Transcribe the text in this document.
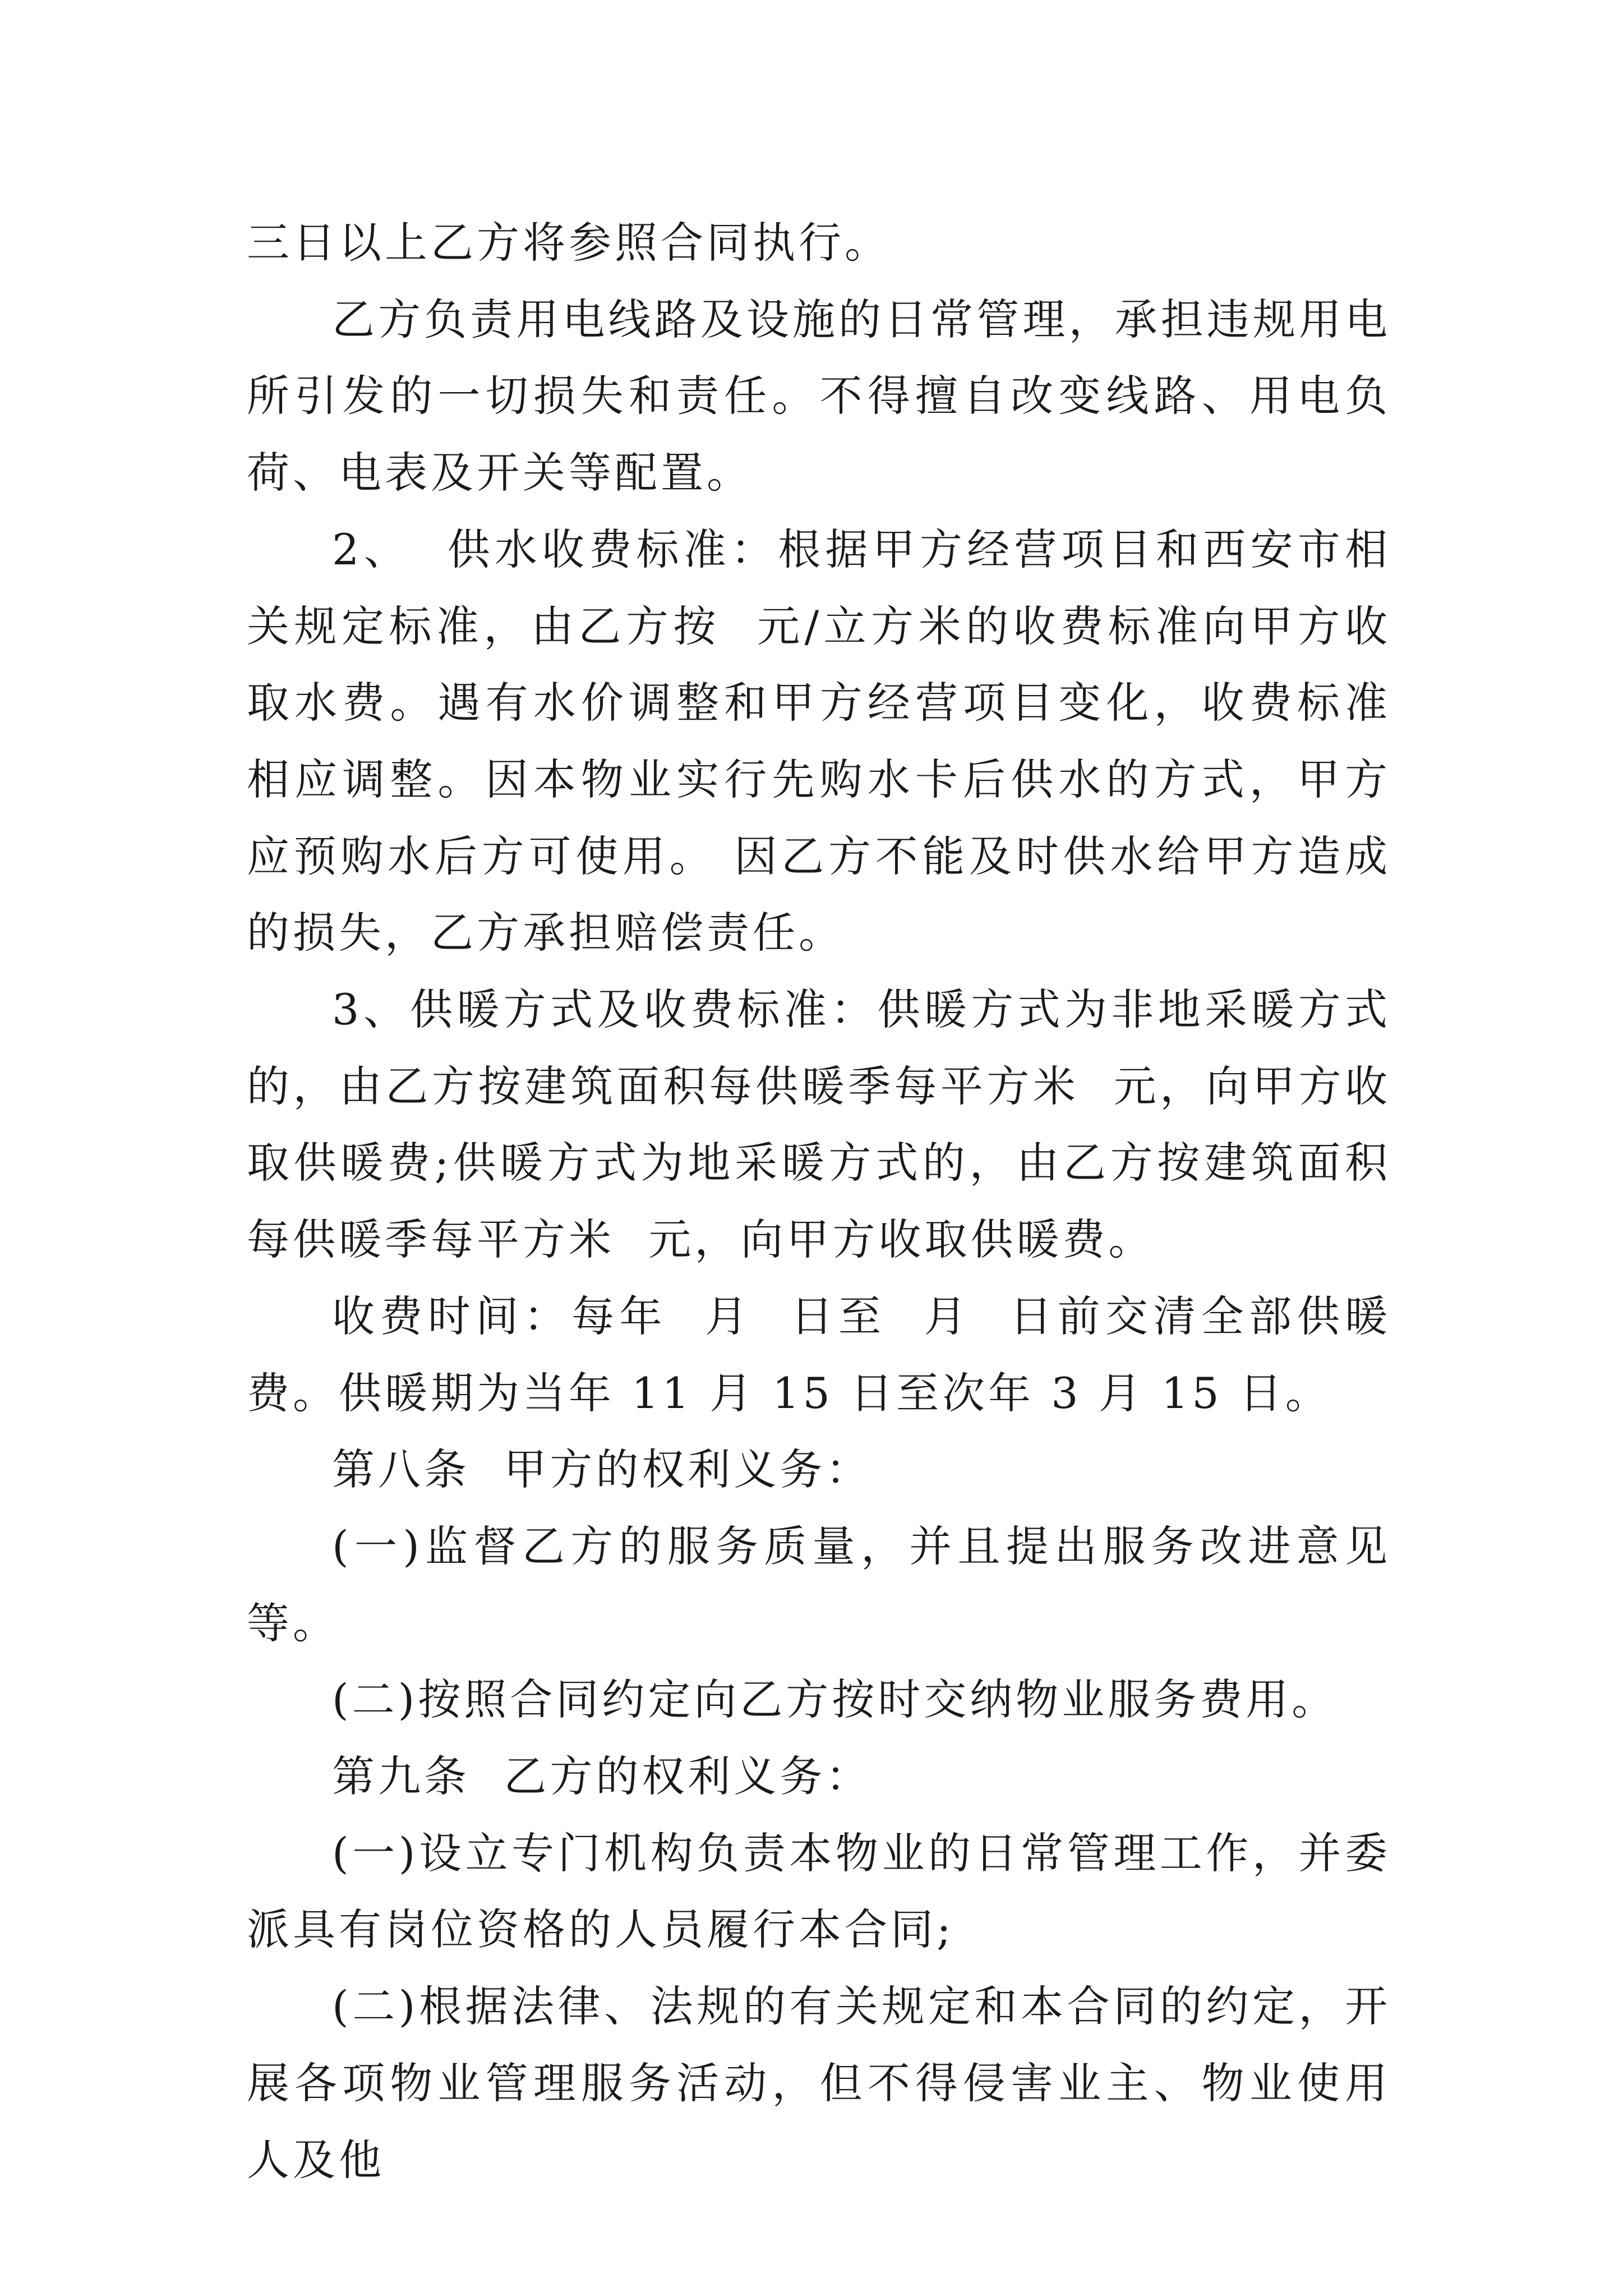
三日以上乙方将参照合同执行。

乙方负责用电线路及设施的日常管理，承担违规用电所引发的一切损失和责任。不得擅自改变线路、用电负荷、电表及开关等配置。

2、  供水收费标准：根据甲方经营项目和西安市相关规定标准，由乙方按  元/立方米的收费标准向甲方收取水费。遇有水价调整和甲方经营项目变化，收费标准相应调整。因本物业实行先购水卡后供水的方式，甲方应预购水后方可使用。 因乙方不能及时供水给甲方造成的损失，乙方承担赔偿责任。

3、供暖方式及收费标准：供暖方式为非地采暖方式的，由乙方按建筑面积每供暖季每平方米  元，向甲方收取供暖费;供暖方式为地采暖方式的，由乙方按建筑面积每供暖季每平方米  元，向甲方收取供暖费。

收费时间：每年  月  日至  月  日前交清全部供暖费。供暖期为当年 11 月 15 日至次年 3 月 15 日。

第八条  甲方的权利义务：

(一)监督乙方的服务质量，并且提出服务改进意见等。

(二)按照合同约定向乙方按时交纳物业服务费用。

第九条  乙方的权利义务：

(一)设立专门机构负责本物业的日常管理工作，并委派具有岗位资格的人员履行本合同;

(二)根据法律、法规的有关规定和本合同的约定，开展各项物业管理服务活动，但不得侵害业主、物业使用人及他
